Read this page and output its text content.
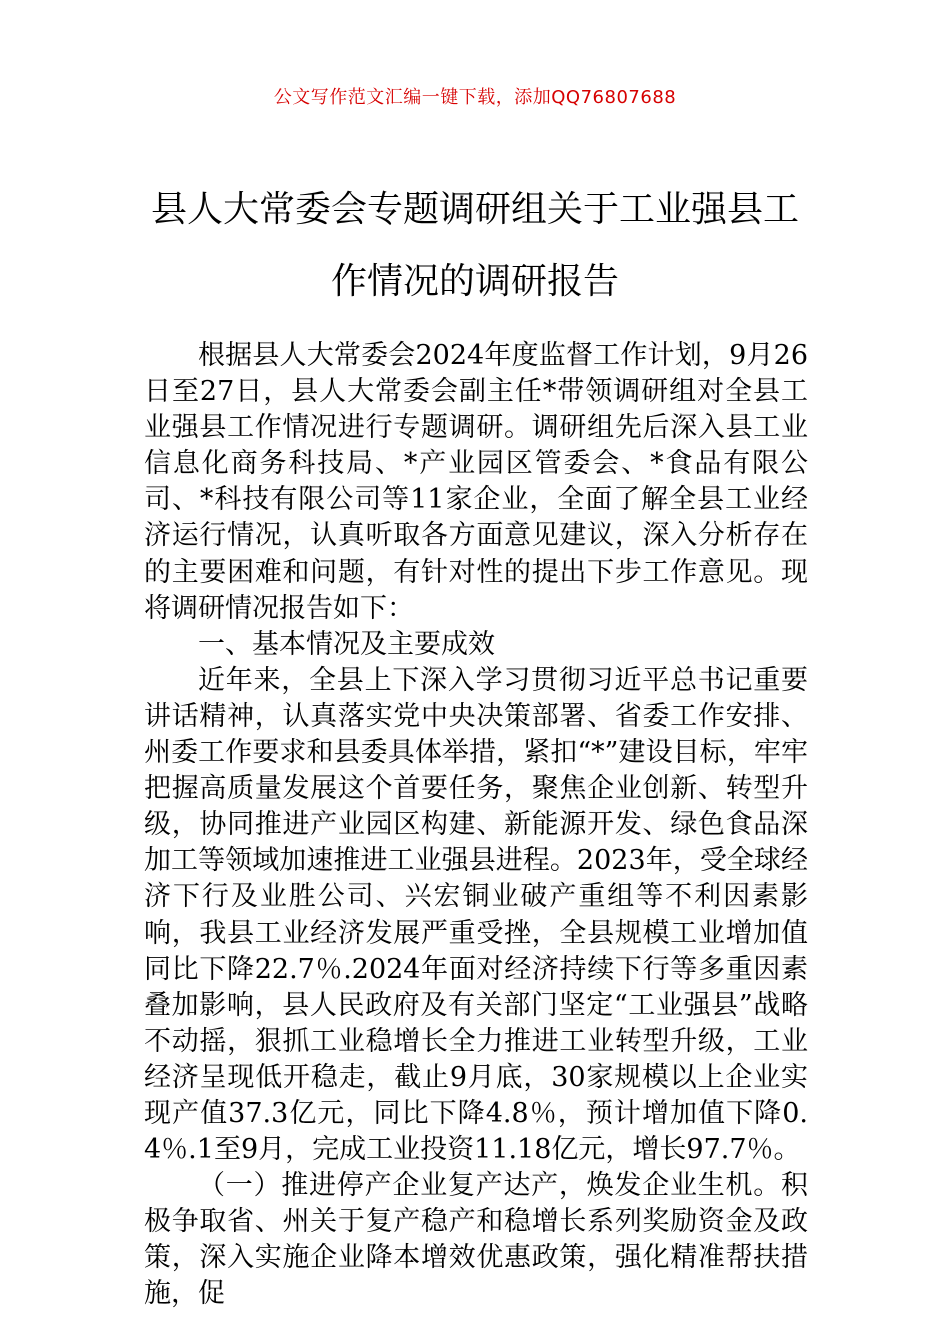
公文写作范文汇编一键下载，添加QQ76807688
县人大常委会专题调研组关于工业强县工作情况的调研报告

根据县人大常委会2024年度监督工作计划，9月26日至27日，县人大常委会副主任*带领调研组对全县工业强县工作情况进行专题调研。调研组先后深入县工业信息化商务科技局、*产业园区管委会、*食品有限公司、*科技有限公司等11家企业，全面了解全县工业经济运行情况，认真听取各方面意见建议，深入分析存在的主要困难和问题，有针对性的提出下步工作意见。现将调研情况报告如下：

一、基本情况及主要成效

近年来，全县上下深入学习贯彻习近平总书记重要讲话精神，认真落实党中央决策部署、省委工作安排、州委工作要求和县委具体举措，紧扣“*”建设目标，牢牢把握高质量发展这个首要任务，聚焦企业创新、转型升级，协同推进产业园区构建、新能源开发、绿色食品深加工等领域加速推进工业强县进程。2023年，受全球经济下行及业胜公司、兴宏铜业破产重组等不利因素影响，我县工业经济发展严重受挫，全县规模工业增加值同比下降22.7％.2024年面对经济持续下行等多重因素叠加影响，县人民政府及有关部门坚定“工业强县”战略不动摇，狠抓工业稳增长全力推进工业转型升级，工业经济呈现低开稳走，截止9月底，30家规模以上企业实现产值37.3亿元，同比下降4.8％，预计增加值下降0.4％.1至9月，完成工业投资11.18亿元，增长97.7％。

（一）推进停产企业复产达产，焕发企业生机。积极争取省、州关于复产稳产和稳增长系列奖励资金及政策，深入实施企业降本增效优惠政策，强化精准帮扶措施，促
